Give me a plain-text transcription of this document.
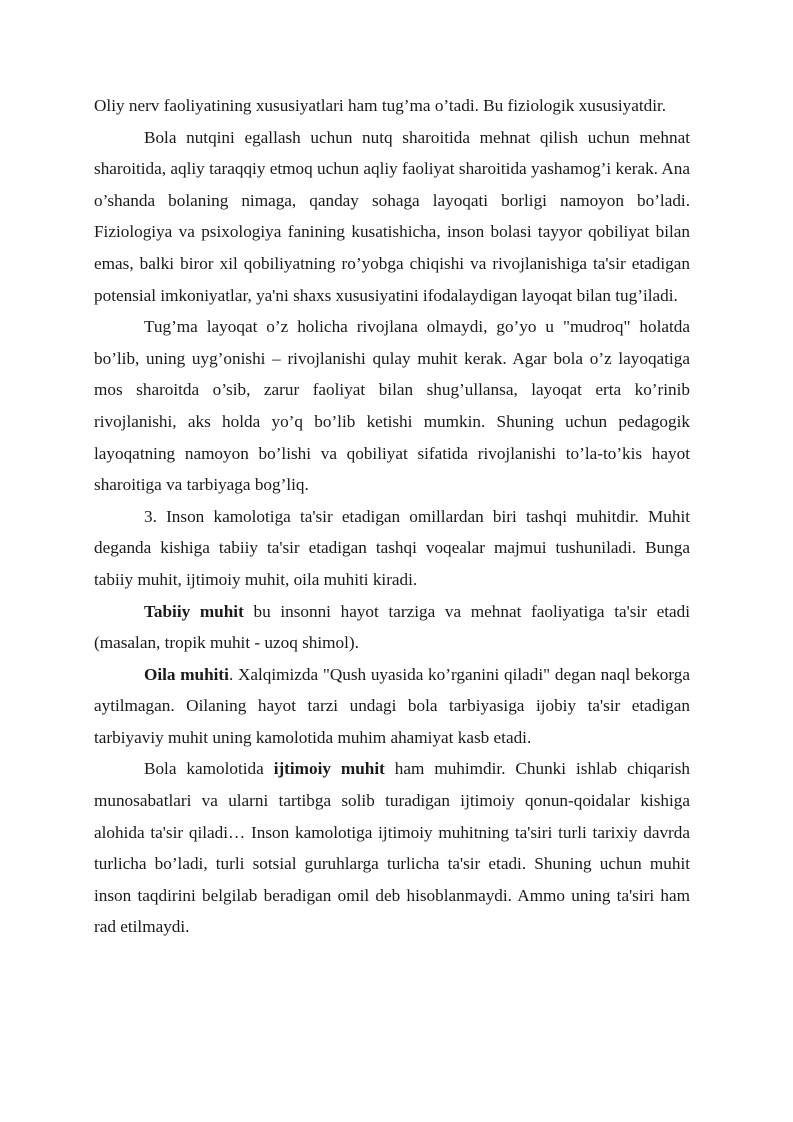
Oliy nerv faoliyatining xususiyatlari ham tug’ma o’tadi. Bu fiziologik xususiyatdir.

Bola nutqini egallash uchun nutq sharoitida mehnat qilish uchun mehnat sharoitida, aqliy taraqqiy etmoq uchun aqliy faoliyat sharoitida yashamog’i kerak. Ana o’shanda bolaning nimaga, qanday sohaga layoqati borligi namoyon bo’ladi. Fiziologiya va psixologiya fanining kusatishicha, inson bolasi tayyor qobiliyat bilan emas, balki biror xil qobiliyatning ro’yobga chiqishi va rivojlanishiga ta'sir etadigan potensial imkoniyatlar, ya'ni shaxs xususiyatini ifodalaydigan layoqat bilan tug’iladi.

Tug’ma layoqat o’z holicha rivojlana olmaydi, go’yo u "mudroq" holatda bo’lib, uning uyg’onishi – rivojlanishi qulay muhit kerak. Agar bola o’z layoqatiga mos sharoitda o’sib, zarur faoliyat bilan shug’ullansa, layoqat erta ko’rinib rivojlanishi, aks holda yo’q bo’lib ketishi mumkin. Shuning uchun pedagogik layoqatning namoyon bo’lishi va qobiliyat sifatida rivojlanishi to’la-to’kis hayot sharoitiga va tarbiyaga bog’liq.

3. Inson kamolotiga ta'sir etadigan omillardan biri tashqi muhitdir. Muhit deganda kishiga tabiiy ta'sir etadigan tashqi voqealar majmui tushuniladi. Bunga tabiiy muhit, ijtimoiy muhit, oila muhiti kiradi.

Tabiiy muhit bu insonni hayot tarziga va mehnat faoliyatiga ta'sir etadi (masalan, tropik muhit - uzoq shimol).

Oila muhiti. Xalqimizda "Qush uyasida ko’rganini qiladi" degan naql bekorga aytilmagan. Oilaning hayot tarzi undagi bola tarbiyasiga ijobiy ta'sir etadigan tarbiyaviy muhit uning kamolotida muhim ahamiyat kasb etadi.

Bola kamolotida ijtimoiy muhit ham muhimdir. Chunki ishlab chiqarish munosabatlari va ularni tartibga solib turadigan ijtimoiy qonun-qoidalar kishiga alohida ta'sir qiladi… Inson kamolotiga ijtimoiy muhitning ta'siri turli tarixiy davrda turlicha bo’ladi, turli sotsial guruhlarga turlicha ta'sir etadi. Shuning uchun muhit inson taqdirini belgilab beradigan omil deb hisoblanmaydi. Ammo uning ta'siri ham rad etilmaydi.
